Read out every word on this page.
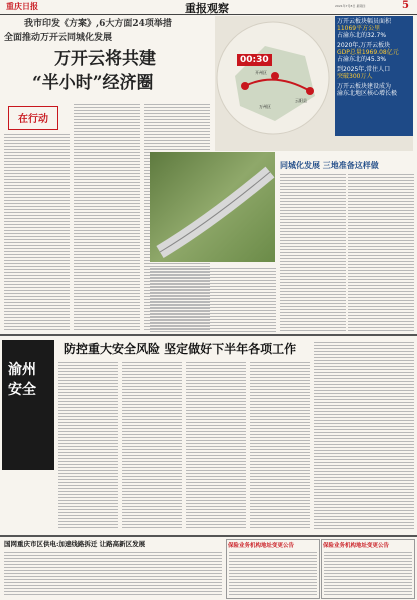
重庆日报	重报观察	2021年7月8日 星期四	5
我市印发《方案》,6大方面24项举措
全面推动万开云同城化发展
万开云将共建
“半小时”经济圈
00:30
开州区
万州区
云阳县
万开云板块幅员面积
11069平方公里
占渝东北的32.7%
2020年,万开云板块
GDP总量1969.08亿元
占渝东北的45.3%
到2025年,常住人口
突破300万人
万开云板块建设成为
渝东北地区核心增长极
在行动
同城化发展 三地准备这样做
渝州安全
防控重大安全风险 坚定做好下半年各项工作
国网重庆市区供电:加速线路拆迁 让路高新区发展	保险业务机构地址变更公告	保险业务机构地址变更公告
